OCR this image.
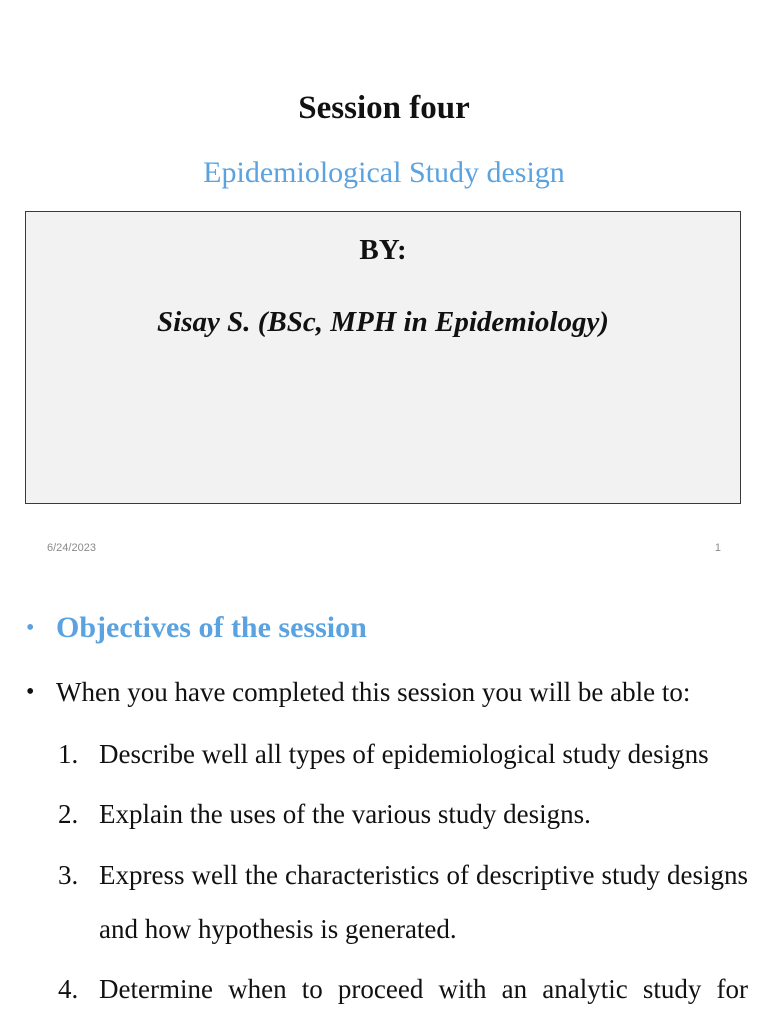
Session four
Epidemiological Study design
BY:
Sisay S. (BSc, MPH in Epidemiology)
6/24/2023	1
• Objectives of the session
• When you have completed this session you will be able to:
1. Describe well all types of epidemiological study designs
2. Explain the uses of the various study designs.
3. Express well the characteristics of descriptive study designs and how hypothesis is generated.
4. Determine when to proceed with an analytic study for
